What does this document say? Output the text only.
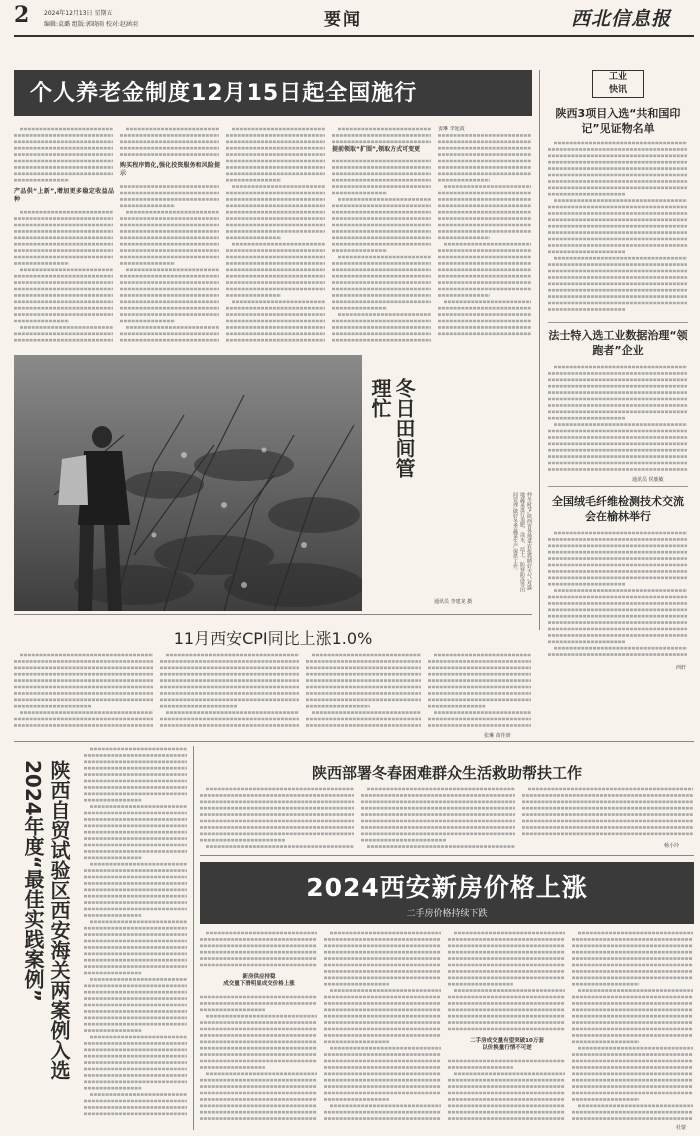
2 2024年12月13日 星期五
编辑:袁璐 组版:郭晓雨 校对:赵涵羽	要闻	西北信息报
个人养老金制度12月15日起全国施行
产品供“上新”,增加更多稳定收益品种
购买程序简化,强化投资服务和风险提示
提前领取“扩围”,领取方式可变更
姜琳 李延霞
工业
快讯
陕西3项目入选“共和国印记”见证物名单
法士特入选工业数据治理“领跑者”企业
通讯员 侯鹿敏
全国绒毛纤维检测技术交流会在榆林举行
西轩
冬日田间管理忙
仲冬时节,陕西省各地菜农抢抓晴好天气,对露地蔬菜进行追肥、浇水、培土、防寒防冻等田间管理,做好冬季蔬菜生产保供工作。
通讯员 李建龙 摄
11月西安CPI同比上涨1.0%
张琳 苗佳妍
陕西自贸试验区西安海关两案例入选2024年度“最佳实践案例”	陕西部署冬春困难群众生活救助帮扶工作
杨小玲
2024西安新房价格上涨
二手房价格持续下跌
新房供应持稳
成交量下滑明显成交价格上涨
二手房成交量有望突破10万套
以价换量行情不可逆
杜蒙
